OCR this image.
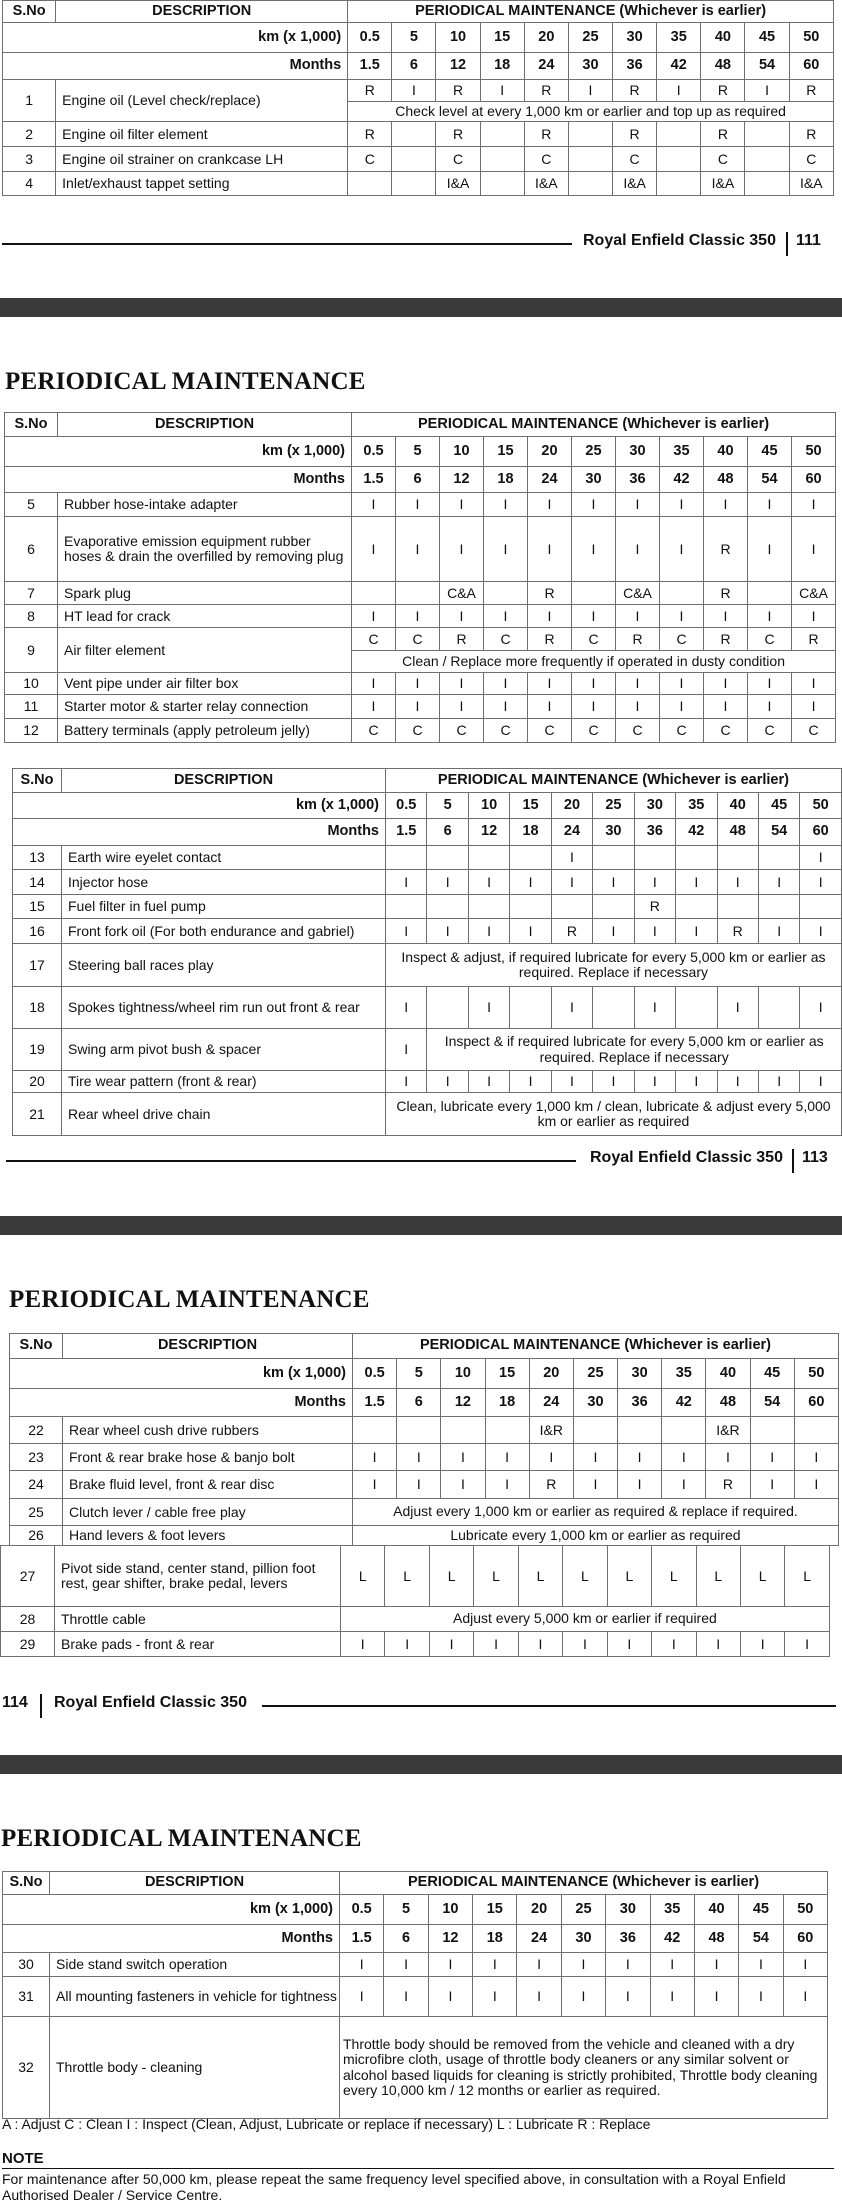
S.No	DESCRIPTION	PERIODICAL MAINTENANCE (Whichever is earlier)										
km (x 1,000)		0.5	5	10	15	20	25	30	35	40	45	50
Months		1.5	6	12	18	24	30	36	42	48	54	60
1	Engine oil (Level check/replace)	R	I	R	I	R	I	R	I	R	I	R
		Check level at every 1,000 km or earlier and top up as required										
2	Engine oil filter element	R		R		R		R		R		R
3	Engine oil strainer on crankcase LH	C		C		C		C		C		C
4	Inlet/exhaust tappet setting			I&A		I&A		I&A		I&A		I&A
Royal Enfield Classic 350 111
PERIODICAL MAINTENANCE
S.No	DESCRIPTION	PERIODICAL MAINTENANCE (Whichever is earlier)										
km (x 1,000)		0.5	5	10	15	20	25	30	35	40	45	50
Months		1.5	6	12	18	24	30	36	42	48	54	60
5	Rubber hose-intake adapter	I	I	I	I	I	I	I	I	I	I	I
6	Evaporative emission equipment rubber hoses & drain the overfilled by removing plug	I	I	I	I	I	I	I	I	R	I	I
7	Spark plug			C&A		R		C&A		R		C&A
8	HT lead for crack	I	I	I	I	I	I	I	I	I	I	I
9	Air filter element	C	C	R	C	R	C	R	C	R	C	R
		Clean / Replace more frequently if operated in dusty condition										
10	Vent pipe under air filter box	I	I	I	I	I	I	I	I	I	I	I
11	Starter motor & starter relay connection	I	I	I	I	I	I	I	I	I	I	I
12	Battery terminals (apply petroleum jelly)	C	C	C	C	C	C	C	C	C	C	C
S.No	DESCRIPTION	PERIODICAL MAINTENANCE (Whichever is earlier)										
km (x 1,000)		0.5	5	10	15	20	25	30	35	40	45	50
Months		1.5	6	12	18	24	30	36	42	48	54	60
13	Earth wire eyelet contact					I						I
14	Injector hose	I	I	I	I	I	I	I	I	I	I	I
15	Fuel filter in fuel pump							R				
16	Front fork oil (For both endurance and gabriel)	I	I	I	I	R	I	I	I	R	I	I
17	Steering ball races play	Inspect & adjust, if required lubricate for every 5,000 km or earlier as required. Replace if necessary										
18	Spokes tightness/wheel rim run out front & rear	I		I		I		I		I		I
19	Swing arm pivot bush & spacer	I	Inspect & if required lubricate for every 5,000 km or earlier as required. Replace if necessary									
20	Tire wear pattern (front & rear)	I	I	I	I	I	I	I	I	I	I	I
21	Rear wheel drive chain	Clean, lubricate every 1,000 km / clean, lubricate & adjust every 5,000 km or earlier as required										
Royal Enfield Classic 350 113
PERIODICAL MAINTENANCE
S.No	DESCRIPTION	PERIODICAL MAINTENANCE (Whichever is earlier)										
km (x 1,000)		0.5	5	10	15	20	25	30	35	40	45	50
Months		1.5	6	12	18	24	30	36	42	48	54	60
22	Rear wheel cush drive rubbers					I&R				I&R		
23	Front & rear brake hose & banjo bolt	I	I	I	I	I	I	I	I	I	I	I
24	Brake fluid level, front & rear disc	I	I	I	I	R	I	I	I	R	I	I
25	Clutch lever / cable free play	Adjust every 1,000 km or earlier as required & replace if required.										
26	Hand levers & foot levers	Lubricate every 1,000 km or earlier as required										
27	Pivot side stand, center stand, pillion foot rest, gear shifter, brake pedal, levers	L	L	L	L	L	L	L	L	L	L	L
28	Throttle cable	Adjust every 5,000 km or earlier if required										
29	Brake pads - front & rear	I	I	I	I	I	I	I	I	I	I	I
114 Royal Enfield Classic 350
PERIODICAL MAINTENANCE
S.No	DESCRIPTION	PERIODICAL MAINTENANCE (Whichever is earlier)										
km (x 1,000)		0.5	5	10	15	20	25	30	35	40	45	50
Months		1.5	6	12	18	24	30	36	42	48	54	60
30	Side stand switch operation	I	I	I	I	I	I	I	I	I	I	I
31	All mounting fasteners in vehicle for tightness	I	I	I	I	I	I	I	I	I	I	I
32	Throttle body - cleaning	Throttle body should be removed from the vehicle and cleaned with a dry microfibre cloth, usage of throttle body cleaners or any similar solvent or alcohol based liquids for cleaning is strictly prohibited, Throttle body cleaning every 10,000 km / 12 months or earlier as required.										
A : Adjust C : Clean I : Inspect (Clean, Adjust, Lubricate or replace if necessary) L : Lubricate R : Replace
NOTE
For maintenance after 50,000 km, please repeat the same frequency level specified above, in consultation with a Royal Enfield Authorised Dealer / Service Centre.
